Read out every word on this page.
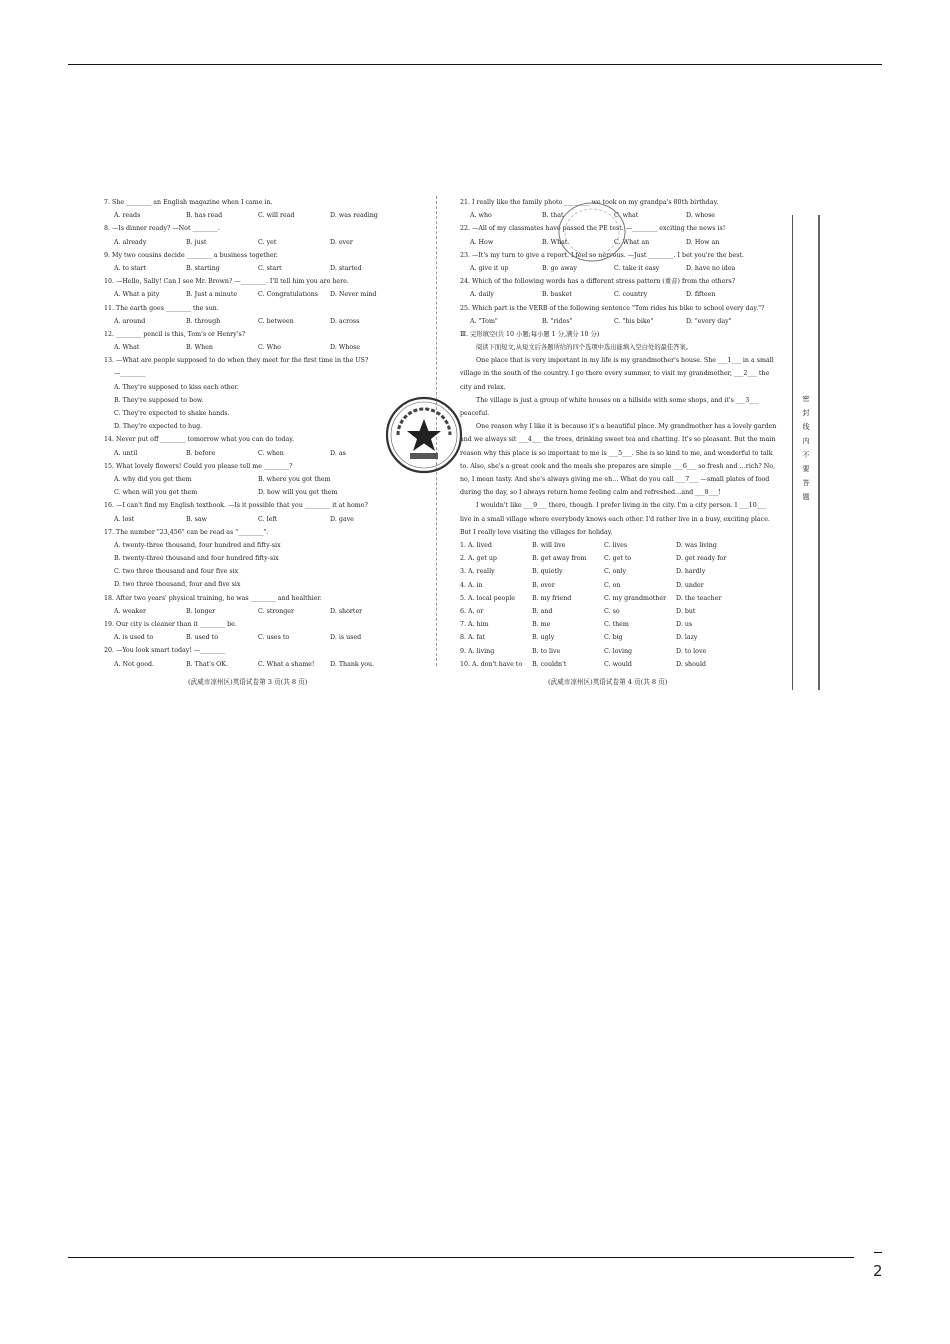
密封线内不要答题
7. She ________ an English magazine when I came in.
A. reads	B. has read	C. will read	D. was reading
8. —Is dinner ready? —Not ________.
A. already	B. just	C. yet	D. ever
9. My two cousins decide ________ a business together.
A. to start	B. starting	C. start	D. started
10. —Hello, Sally! Can I see Mr. Brown? —________. I'll tell him you are here.
A. What a pity	B. Just a minute	C. Congratulations	D. Never mind
11. The earth goes ________ the sun.
A. around	B. through	C. between	D. across
12. ________ pencil is this, Tom's or Henry's?
A. What	B. When	C. Who	D. Whose
13. —What are people supposed to do when they meet for the first time in the US?
—________
A. They're supposed to kiss each other.
B. They're supposed to bow.
C. They're expected to shake hands.
D. They're expected to hug.
14. Never put off ________ tomorrow what you can do today.
A. until	B. before	C. when	D. as
15. What lovely flowers! Could you please tell me ________?
A. why did you get them	B. where you got them
C. when will you get them	D. how will you get them
16. —I can't find my English textbook. —Is it possible that you ________ it at home?
A. lost	B. saw	C. left	D. gave
17. The number "23,456" can be read as "________".
A. twenty-three thousand, four hundred and fifty-six
B. twenty-three thousand and four hundred fifty-six
C. two three thousand and four five six
D. two three thousand, four and five six
18. After two years' physical training, he was ________ and healthier.
A. weaker	B. longer	C. stronger	D. shorter
19. Our city is cleaner than it ________ be.
A. is used to	B. used to	C. uses to	D. is used
20. —You look smart today! —________
A. Not good.	B. That's OK.	C. What a shame!	D. Thank you.
(武威市凉州区)英语试卷第 3 页(共 8 页)
21. I really like the family photo ________ we took on my grandpa's 80th birthday.
A. who	B. that	C. what	D. whose
22. —All of my classmates have passed the PE test. —________ exciting the news is!
A. How	B. What	C. What an	D. How an
23. —It's my turn to give a report. I feel so nervous. —Just ________. I bet you're the best.
A. give it up	B. go away	C. take it easy	D. have no idea
24. Which of the following words has a different stress pattern (重音) from the others?
A. daily	B. basket	C. country	D. fifteen
25. Which part is the VERB of the following sentence "Tom rides his bike to school every day."?
A. "Tom"	B. "rides"	C. "his bike"	D. "every day"
Ⅲ. 完形填空(共 10 小题;每小题 1 分,满分 10 分)
阅读下面短文,从短文后各题所给的四个选项中选出能填入空白处的最佳答案。
One place that is very important in my life is my grandmother's house. She ___1___ in a small village in the south of the country. I go there every summer, to visit my grandmother, ___2___ the city and relax.
The village is just a group of white houses on a hillside with some shops, and it's ___3___ peaceful.
One reason why I like it is because it's a beautiful place. My grandmother has a lovely garden and we always sit ___4___ the trees, drinking sweet tea and chatting. It's so pleasant. But the main reason why this place is so important to me is ___5___. She is so kind to me, and wonderful to talk to. Also, she's a great cook and the meals she prepares are simple ___6___ so fresh and …rich? No, no, I mean tasty. And she's always giving me eh… What do you call ___7___ —small plates of food during the day, so I always return home feeling calm and refreshed…and ___8___!
I wouldn't like ___9___ there, though. I prefer living in the city. I'm a city person. I ___10___ live in a small village where everybody knows each other. I'd rather live in a busy, exciting place. But I really love visiting the villages for holiday.
1. A. lived	B. will live	C. lives	D. was living
2. A. get up	B. get away from	C. get to	D. get ready for
3. A. really	B. quietly	C. only	D. hardly
4. A. in	B. over	C. on	D. under
5. A. local people	B. my friend	C. my grandmother	D. the teacher
6. A. or	B. and	C. so	D. but
7. A. him	B. me	C. them	D. us
8. A. fat	B. ugly	C. big	D. lazy
9. A. living	B. to live	C. loving	D. to love
10. A. don't have to	B. couldn't	C. would	D. should
(武威市凉州区)英语试卷第 4 页(共 8 页)
2
